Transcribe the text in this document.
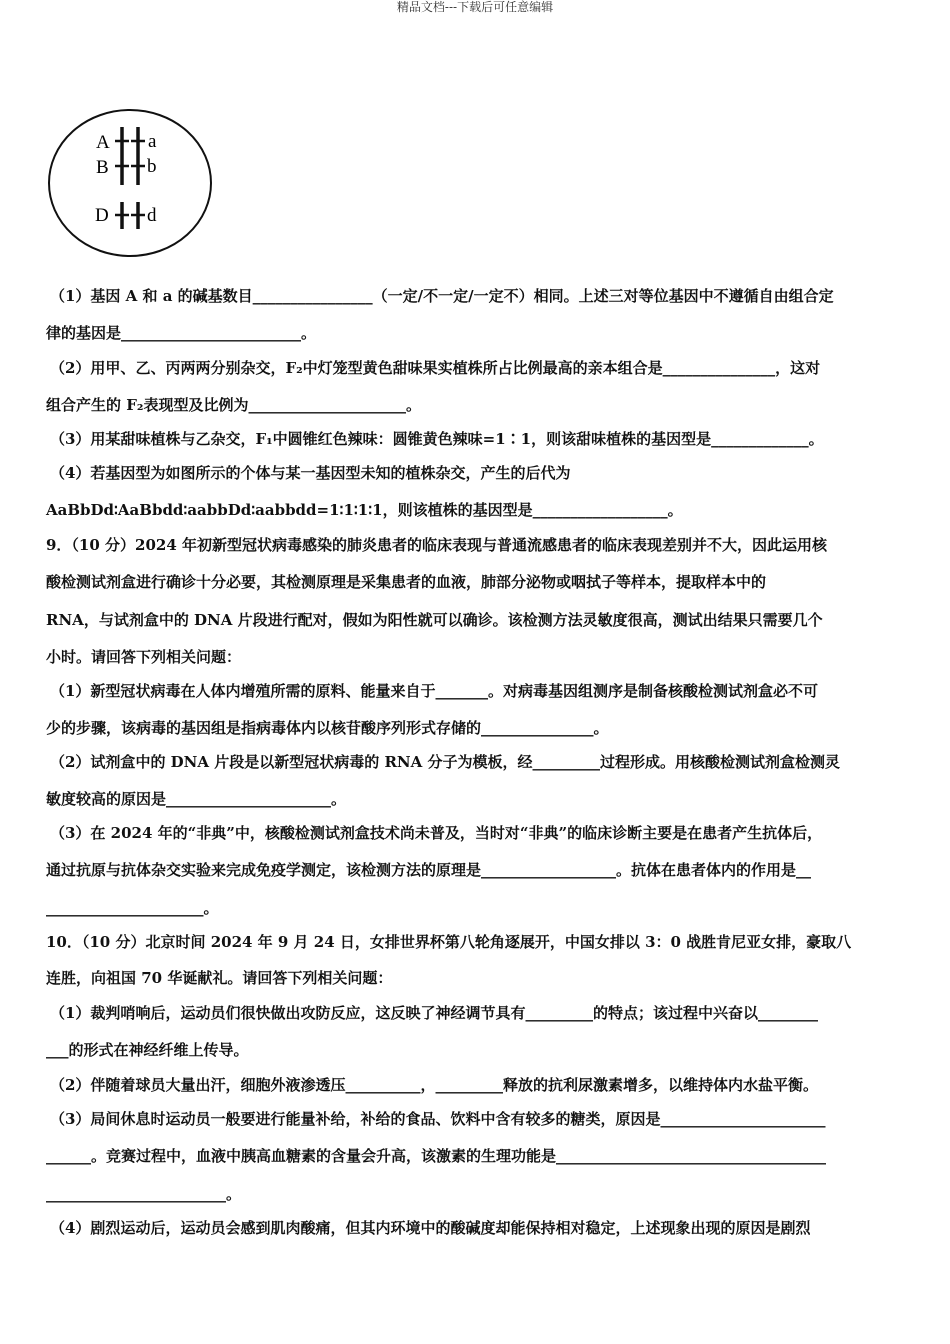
精品文档---下载后可任意编辑
A
B
D
a
b
d
（1）基因 A 和 a 的碱基数目________________（一定/不一定/一定不）相同。上述三对等位基因中不遵循自由组合定
律的基因是________________________。
（2）用甲、乙、丙两两分别杂交，F₂中灯笼型黄色甜味果实植株所占比例最高的亲本组合是_______________，这对
组合产生的 F₂表现型及比例为_____________________。
（3）用某甜味植株与乙杂交，F₁中圆锥红色辣味：圆锥黄色辣味=1∶1，则该甜味植株的基因型是_____________。
（4）若基因型为如图所示的个体与某一基因型未知的植株杂交，产生的后代为
AaBbDd∶AaBbdd∶aabbDd∶aabbdd=1∶1∶1∶1，则该植株的基因型是__________________。
9．（10 分）2024 年初新型冠状病毒感染的肺炎患者的临床表现与普通流感患者的临床表现差别并不大，因此运用核
酸检测试剂盒进行确诊十分必要，其检测原理是采集患者的血液，肺部分泌物或咽拭子等样本，提取样本中的
RNA，与试剂盒中的 DNA 片段进行配对，假如为阳性就可以确诊。该检测方法灵敏度很高，测试出结果只需要几个
小时。请回答下列相关问题：
（1）新型冠状病毒在人体内增殖所需的原料、能量来自于_______。对病毒基因组测序是制备核酸检测试剂盒必不可
少的步骤，该病毒的基因组是指病毒体内以核苷酸序列形式存储的_______________。
（2）试剂盒中的 DNA 片段是以新型冠状病毒的 RNA 分子为模板，经_________过程形成。用核酸检测试剂盒检测灵
敏度较高的原因是______________________。
（3）在 2024 年的“非典”中，核酸检测试剂盒技术尚未普及，当时对“非典”的临床诊断主要是在患者产生抗体后，
通过抗原与抗体杂交实验来完成免疫学测定，该检测方法的原理是__________________。抗体在患者体内的作用是__
_____________________。
10．（10 分）北京时间 2024 年 9 月 24 日，女排世界杯第八轮角逐展开，中国女排以 3：0 战胜肯尼亚女排，豪取八
连胜，向祖国 70 华诞献礼。请回答下列相关问题：
（1）裁判哨响后，运动员们很快做出攻防反应，这反映了神经调节具有_________的特点；该过程中兴奋以________
___的形式在神经纤维上传导。
（2）伴随着球员大量出汗，细胞外液渗透压__________，_________释放的抗利尿激素增多，以维持体内水盐平衡。
（3）局间休息时运动员一般要进行能量补给，补给的食品、饮料中含有较多的糖类，原因是______________________
______。竞赛过程中，血液中胰高血糖素的含量会升高，该激素的生理功能是____________________________________
________________________。
（4）剧烈运动后，运动员会感到肌肉酸痛，但其内环境中的酸碱度却能保持相对稳定，上述现象出现的原因是剧烈
